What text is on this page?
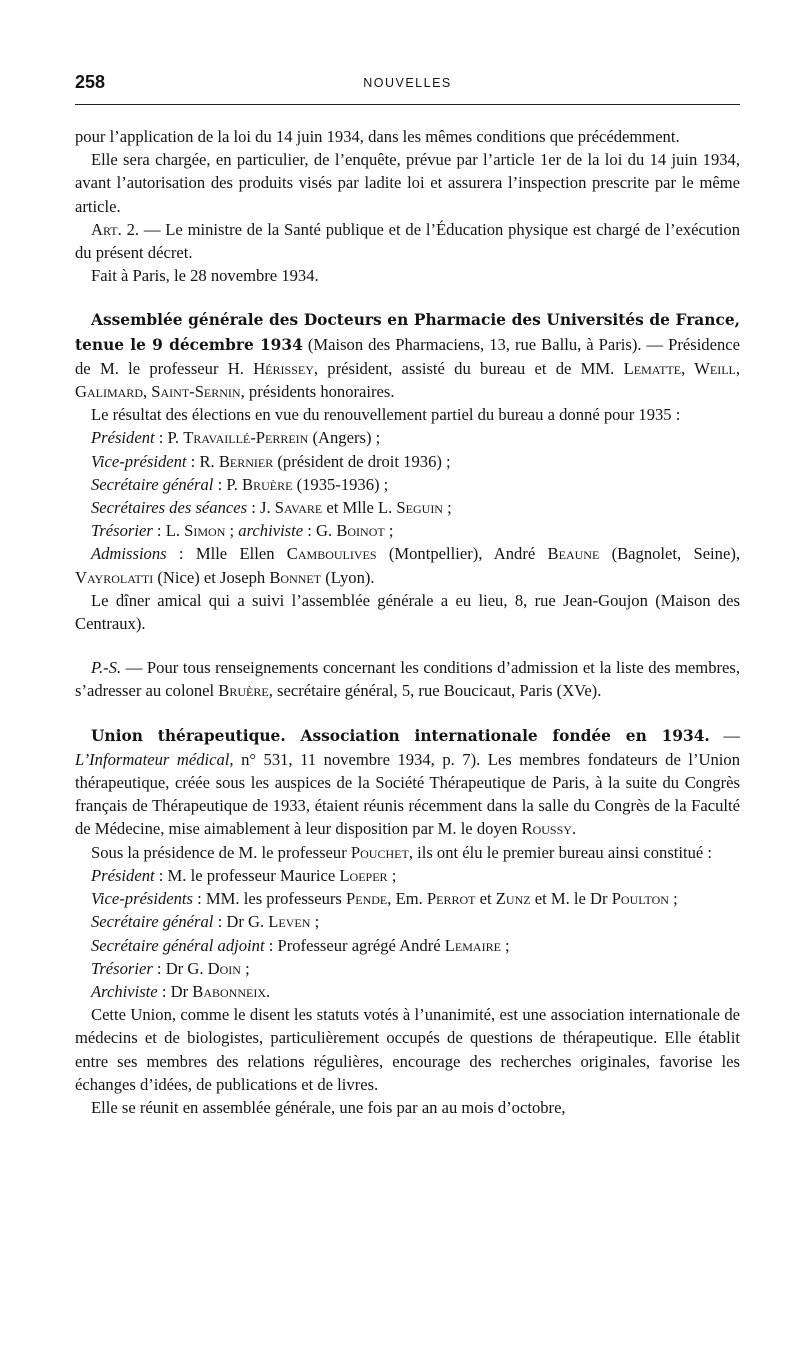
258	NOUVELLES

pour l’application de la loi du 14 juin 1934, dans les mêmes conditions que précédemment.

Elle sera chargée, en particulier, de l’enquête, prévue par l’article 1er de la loi du 14 juin 1934, avant l’autorisation des produits visés par ladite loi et assurera l’inspection prescrite par le même article.

Art. 2. — Le ministre de la Santé publique et de l’Éducation physique est chargé de l’exécution du présent décret.

Fait à Paris, le 28 novembre 1934.

Assemblée générale des Docteurs en Pharmacie des Universités de France, tenue le 9 décembre 1934 (Maison des Pharmaciens, 13, rue Ballu, à Paris). — Présidence de M. le professeur H. Hérissey, président, assisté du bureau et de MM. Lematte, Weill, Galimard, Saint-Sernin, présidents honoraires.

Le résultat des élections en vue du renouvellement partiel du bureau a donné pour 1935 :

Président : P. Travaillé-Perrein (Angers) ;

Vice-président : R. Bernier (président de droit 1936) ;

Secrétaire général : P. Bruère (1935-1936) ;

Secrétaires des séances : J. Savare et Mlle L. Seguin ;

Trésorier : L. Simon ; archiviste : G. Boinot ;

Admissions : Mlle Ellen Camboulives (Montpellier), André Beaune (Bagnolet, Seine), Vayrolatti (Nice) et Joseph Bonnet (Lyon).

Le dîner amical qui a suivi l’assemblée générale a eu lieu, 8, rue Jean-Goujon (Maison des Centraux).

P.-S. — Pour tous renseignements concernant les conditions d’admission et la liste des membres, s’adresser au colonel Bruère, secrétaire général, 5, rue Boucicaut, Paris (XVe).

Union thérapeutique. Association internationale fondée en 1934. — L’Informateur médical, n° 531, 11 novembre 1934, p. 7). Les membres fondateurs de l’Union thérapeutique, créée sous les auspices de la Société Thérapeutique de Paris, à la suite du Congrès français de Thérapeutique de 1933, étaient réunis récemment dans la salle du Congrès de la Faculté de Médecine, mise aimablement à leur disposition par M. le doyen Roussy.

Sous la présidence de M. le professeur Pouchet, ils ont élu le premier bureau ainsi constitué :

Président : M. le professeur Maurice Loeper ;

Vice-présidents : MM. les professeurs Pende, Em. Perrot et Zunz et M. le Dr Poulton ;

Secrétaire général : Dr G. Leven ;

Secrétaire général adjoint : Professeur agrégé André Lemaire ;

Trésorier : Dr G. Doin ;

Archiviste : Dr Babonneix.

Cette Union, comme le disent les statuts votés à l’unanimité, est une association internationale de médecins et de biologistes, particulièrement occupés de questions de thérapeutique. Elle établit entre ses membres des relations régulières, encourage des recherches originales, favorise les échanges d’idées, de publications et de livres.

Elle se réunit en assemblée générale, une fois par an au mois d’octobre,
